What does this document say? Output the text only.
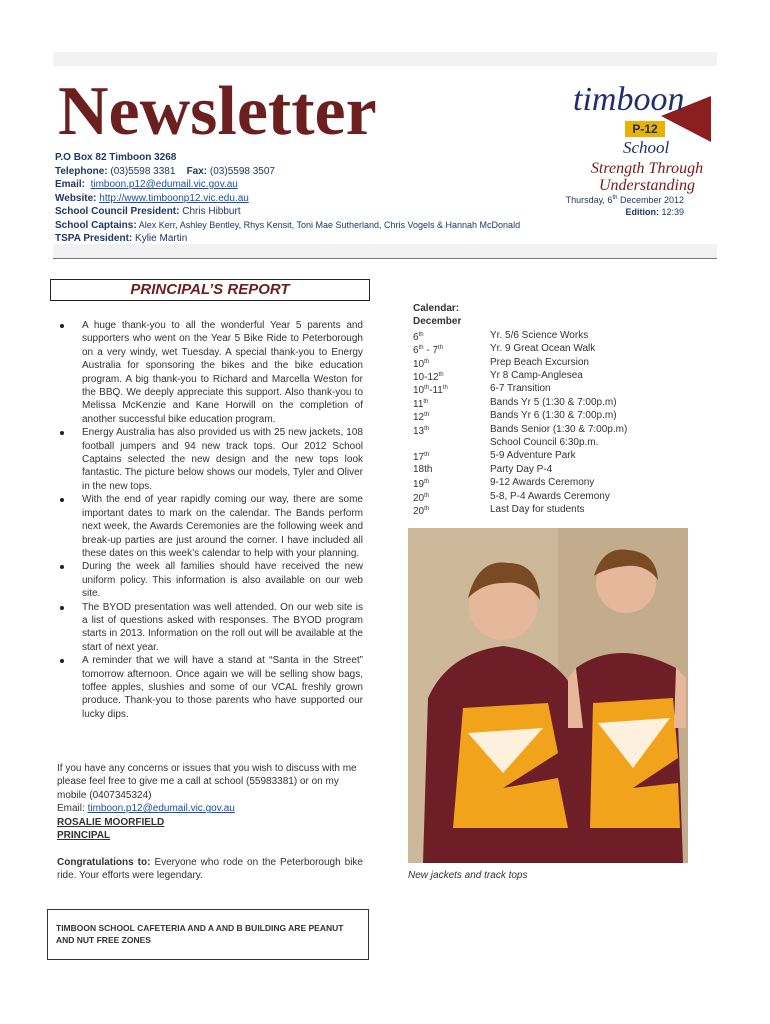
Newsletter
P.O Box 82 Timboon 3268
Telephone: (03)5598 3381 Fax: (03)5598 3507
Email: timboon.p12@edumail.vic.gov.au
Website: http://www.timboonp12.vic.edu.au
School Council President: Chris Hibburt
School Captains: Alex Kerr, Ashley Bentley, Rhys Kensit, Toni Mae Sutherland, Chris Vogels & Hannah McDonald
TSPA President: Kylie Martin
timboon
P-12
School
Strength Through
Understanding
Thursday, 6th December 2012
Edition: 12:39
PRINCIPAL’S REPORT
A huge thank-you to all the wonderful Year 5 parents and supporters who went on the Year 5 Bike Ride to Peterborough on a very windy, wet Tuesday. A special thank-you to Energy Australia for sponsoring the bikes and the bike education program. A big thank-you to Richard and Marcella Weston for the BBQ. We deeply appreciate this support. Also thank-you to Melissa McKenzie and Kane Horwill on the completion of another successful bike education program.
Energy Australia has also provided us with 25 new jackets, 108 football jumpers and 94 new track tops. Our 2012 School Captains selected the new design and the new tops look fantastic. The picture below shows our models, Tyler and Oliver in the new tops.
With the end of year rapidly coming our way, there are some important dates to mark on the calendar. The Bands perform next week, the Awards Ceremonies are the following week and break-up parties are just around the corner. I have included all these dates on this week’s calendar to help with your planning.
During the week all families should have received the new uniform policy. This information is also available on our web site.
The BYOD presentation was well attended. On our web site is a list of questions asked with responses. The BYOD program starts in 2013. Information on the roll out will be available at the start of next year.
A reminder that we will have a stand at “Santa in the Street” tomorrow afternoon. Once again we will be selling show bags, toffee apples, slushies and some of our VCAL freshly grown produce. Thank-you to those parents who have supported our lucky dips.
If you have any concerns or issues that you wish to discuss with me please feel free to give me a call at school (55983381) or on my mobile (0407345324)
Email: timboon.p12@edumail.vic.gov.au
ROSALIE MOORFIELD
PRINCIPAL
Congratulations to: Everyone who rode on the Peterborough bike ride. Your efforts were legendary.
TIMBOON SCHOOL CAFETERIA AND A AND B BUILDING ARE PEANUT AND NUT FREE ZONES
Calendar:
December
6th	Yr. 5/6 Science Works
6th - 7th	Yr. 9 Great Ocean Walk
10th	Prep Beach Excursion
10-12th	Yr 8 Camp-Anglesea
10th-11th	6-7 Transition
11th	Bands Yr 5 (1:30 & 7:00p.m)
12th	Bands Yr 6 (1:30 & 7:00p.m)
13th	Bands Senior (1:30 & 7:00p.m)
School Council 6:30p.m.
17th	5-9 Adventure Park
18th	Party Day P-4
19th	9-12 Awards Ceremony
20th	5-8, P-4 Awards Ceremony
20th	Last Day for students
New jackets and track tops
